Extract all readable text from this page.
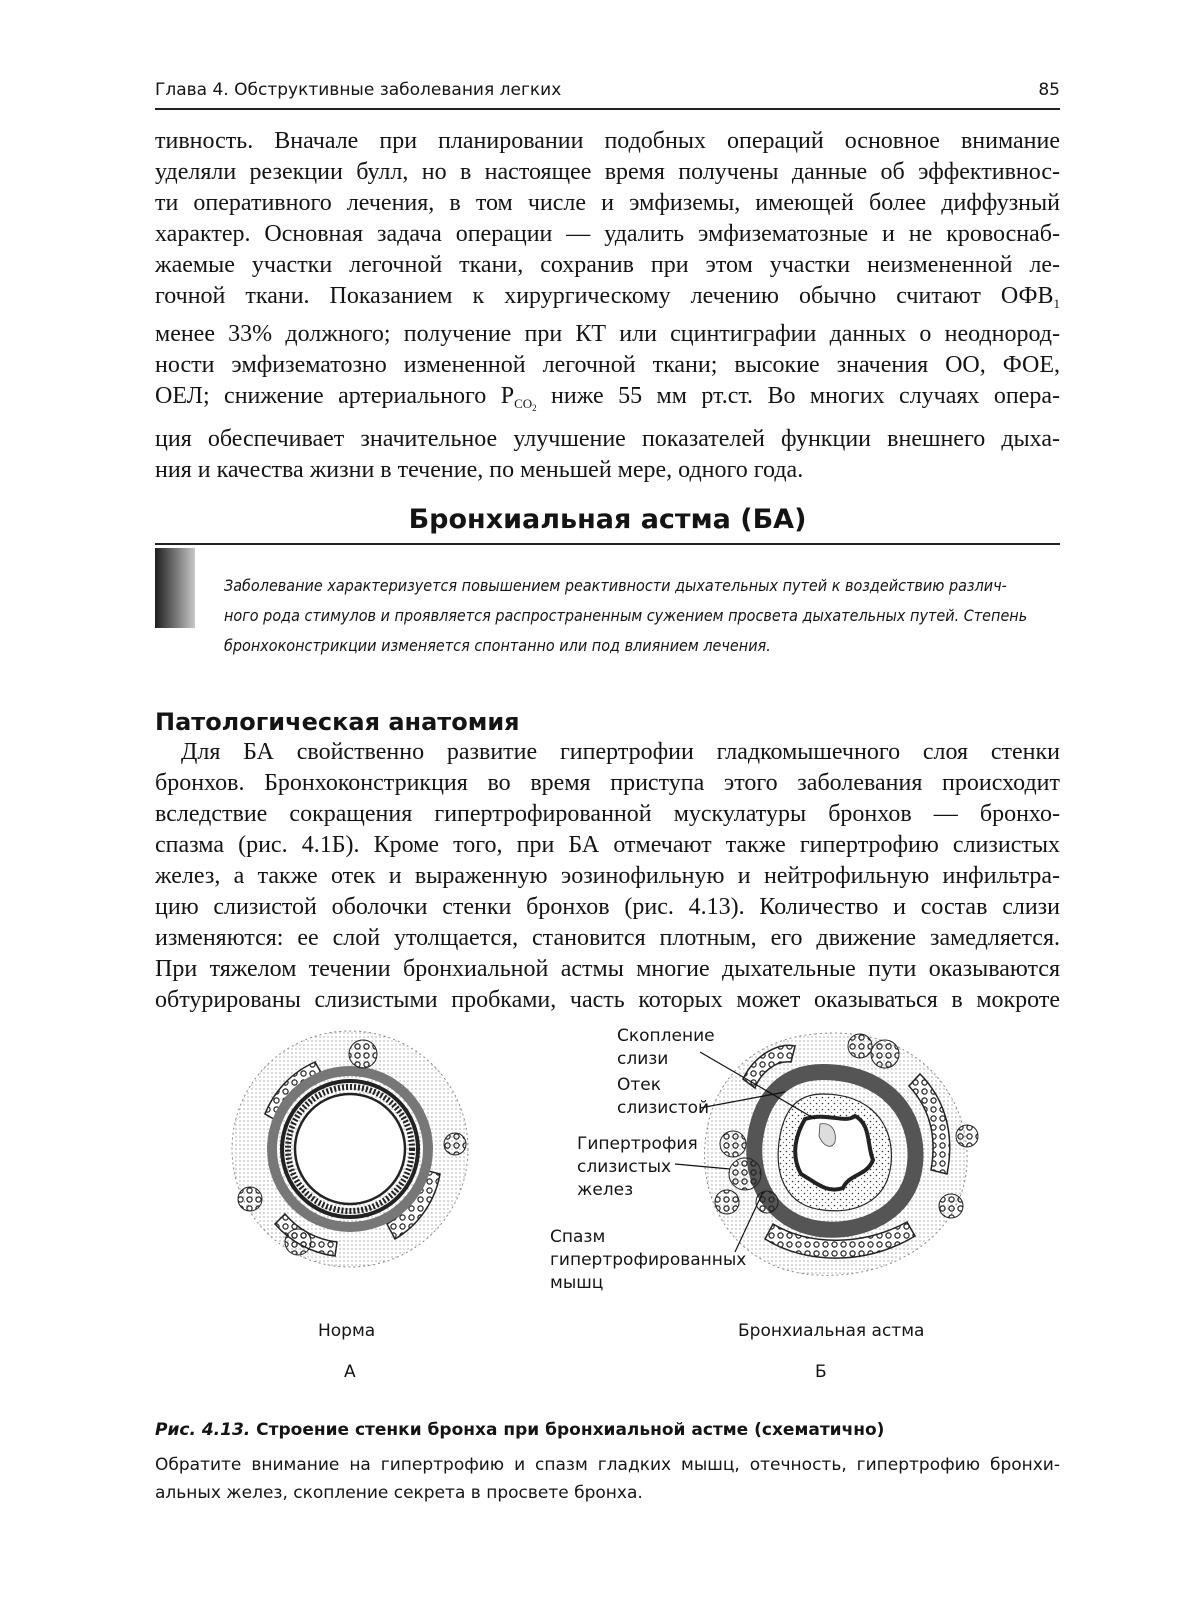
Глава 4. Обструктивные заболевания легких	85
тивность. Вначале при планировании подобных операций основное внимание
уделяли резекции булл, но в настоящее время получены данные об эффективнос-
ти оперативного лечения, в том числе и эмфиземы, имеющей более диффузный
характер. Основная задача операции — удалить эмфизематозные и не кровоснаб-
жаемые участки легочной ткани, сохранив при этом участки неизмененной ле-
гочной ткани. Показанием к хирургическому лечению обычно считают $ОФВ_1$
менее 33% должного; получение при КТ или сцинтиграфии данных о неоднород-
ности эмфизематозно измененной легочной ткани; высокие значения ОО, ФОЕ,
ОЕЛ; снижение артериального $P_{CO_2}$ ниже 55 мм рт.ст. Во многих случаях опера-
ция обеспечивает значительное улучшение показателей функции внешнего дыха-
ния и качества жизни в течение, по меньшей мере, одного года.
Бронхиальная астма (БА)
Заболевание характеризуется повышением реактивности дыхательных путей к воздействию различ-
ного рода стимулов и проявляется распространенным сужением просвета дыхательных путей. Степень
бронхоконстрикции изменяется спонтанно или под влиянием лечения.
Патологическая анатомия
Для БА свойственно развитие гипертрофии гладкомышечного слоя стенки
бронхов. Бронхоконстрикция во время приступа этого заболевания происходит
вследствие сокращения гипертрофированной мускулатуры бронхов — бронхо-
спазма (рис. 4.1Б). Кроме того, при БА отмечают также гипертрофию слизистых
желез, а также отек и выраженную эозинофильную и нейтрофильную инфильтра-
цию слизистой оболочки стенки бронхов (рис. 4.13). Количество и состав слизи
изменяются: ее слой утолщается, становится плотным, его движение замедляется.
При тяжелом течении бронхиальной астмы многие дыхательные пути оказываются
обтурированы слизистыми пробками, часть которых может оказываться в мокроте
Скопление
слизи
Отек
слизистой
Гипертрофия
слизистых
желез
Спазм
гипертрофированных
мышц
Норма
А
Бронхиальная астма
Б
Рис. 4.13. Строение стенки бронха при бронхиальной астме (схематично)
Обратите внимание на гипертрофию и спазм гладких мышц, отечность, гипертрофию бронхи-
альных желез, скопление секрета в просвете бронха.
